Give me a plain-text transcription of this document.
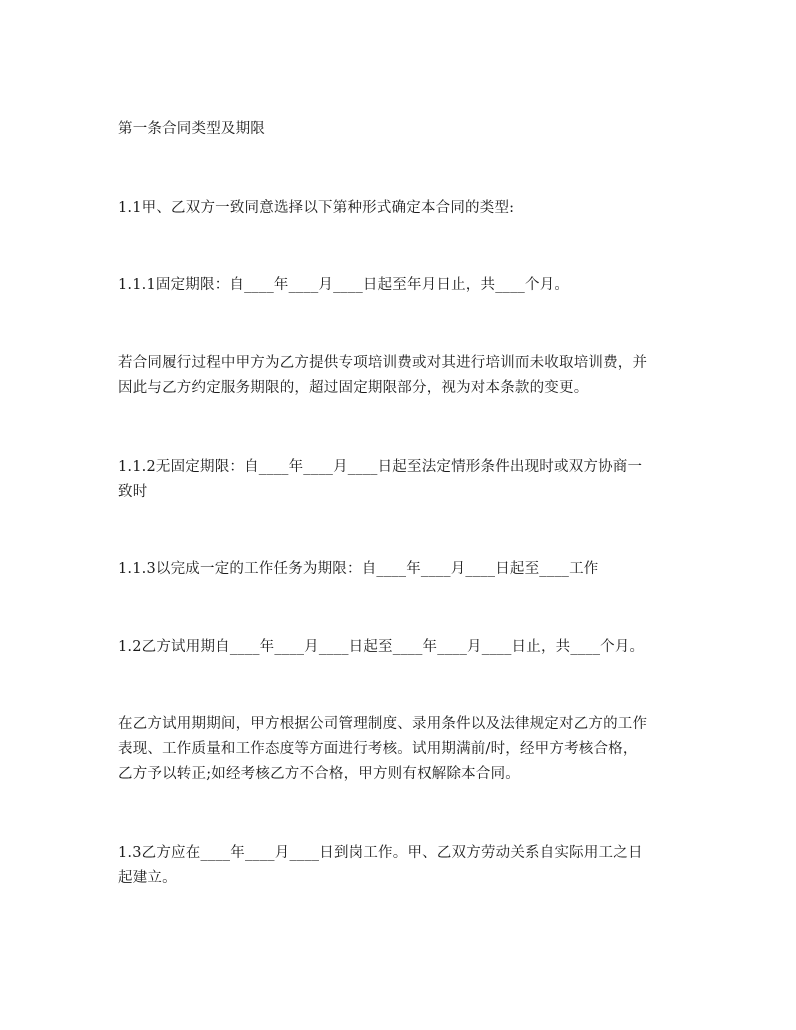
第一条合同类型及期限
1.1甲、乙双方一致同意选择以下第种形式确定本合同的类型:
1.1.1固定期限：自____年____月____日起至年月日止，共____个月。
若合同履行过程中甲方为乙方提供专项培训费或对其进行培训而未收取培训费，并
因此与乙方约定服务期限的，超过固定期限部分，视为对本条款的变更。
1.1.2无固定期限：自____年____月____日起至法定情形条件出现时或双方协商一
致时
1.1.3以完成一定的工作任务为期限：自____年____月____日起至____工作
1.2乙方试用期自____年____月____日起至____年____月____日止，共____个月。
在乙方试用期期间，甲方根据公司管理制度、录用条件以及法律规定对乙方的工作
表现、工作质量和工作态度等方面进行考核。试用期满前/时，经甲方考核合格，
乙方予以转正;如经考核乙方不合格，甲方则有权解除本合同。
1.3乙方应在____年____月____日到岗工作。甲、乙双方劳动关系自实际用工之日
起建立。
